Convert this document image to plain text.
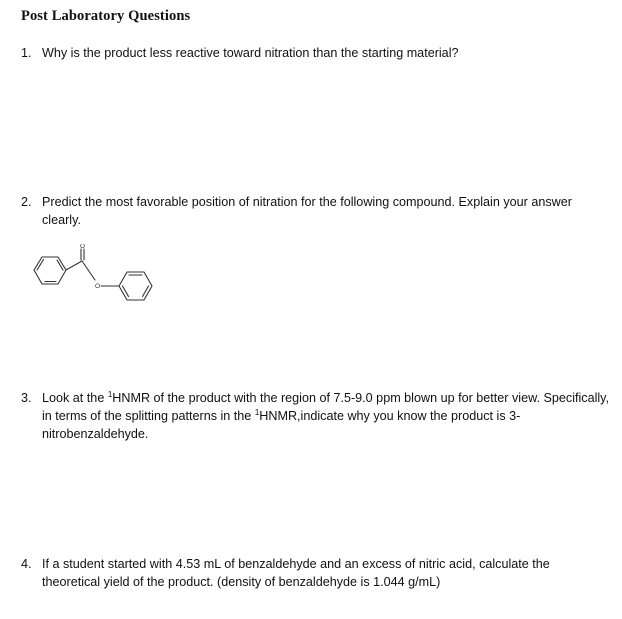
Post Laboratory Questions
1. Why is the product less reactive toward nitration than the starting material?
2. Predict the most favorable position of nitration for the following compound. Explain your answer clearly.
O
O
3. Look at the $^1$HNMR of the product with the region of 7.5-9.0 ppm blown up for better view. Specifically, in terms of the splitting patterns in the $^1$HNMR,indicate why you know the product is 3-nitrobenzaldehyde.
4. If a student started with 4.53 mL of benzaldehyde and an excess of nitric acid, calculate the theoretical yield of the product. (density of benzaldehyde is 1.044 g/mL)
